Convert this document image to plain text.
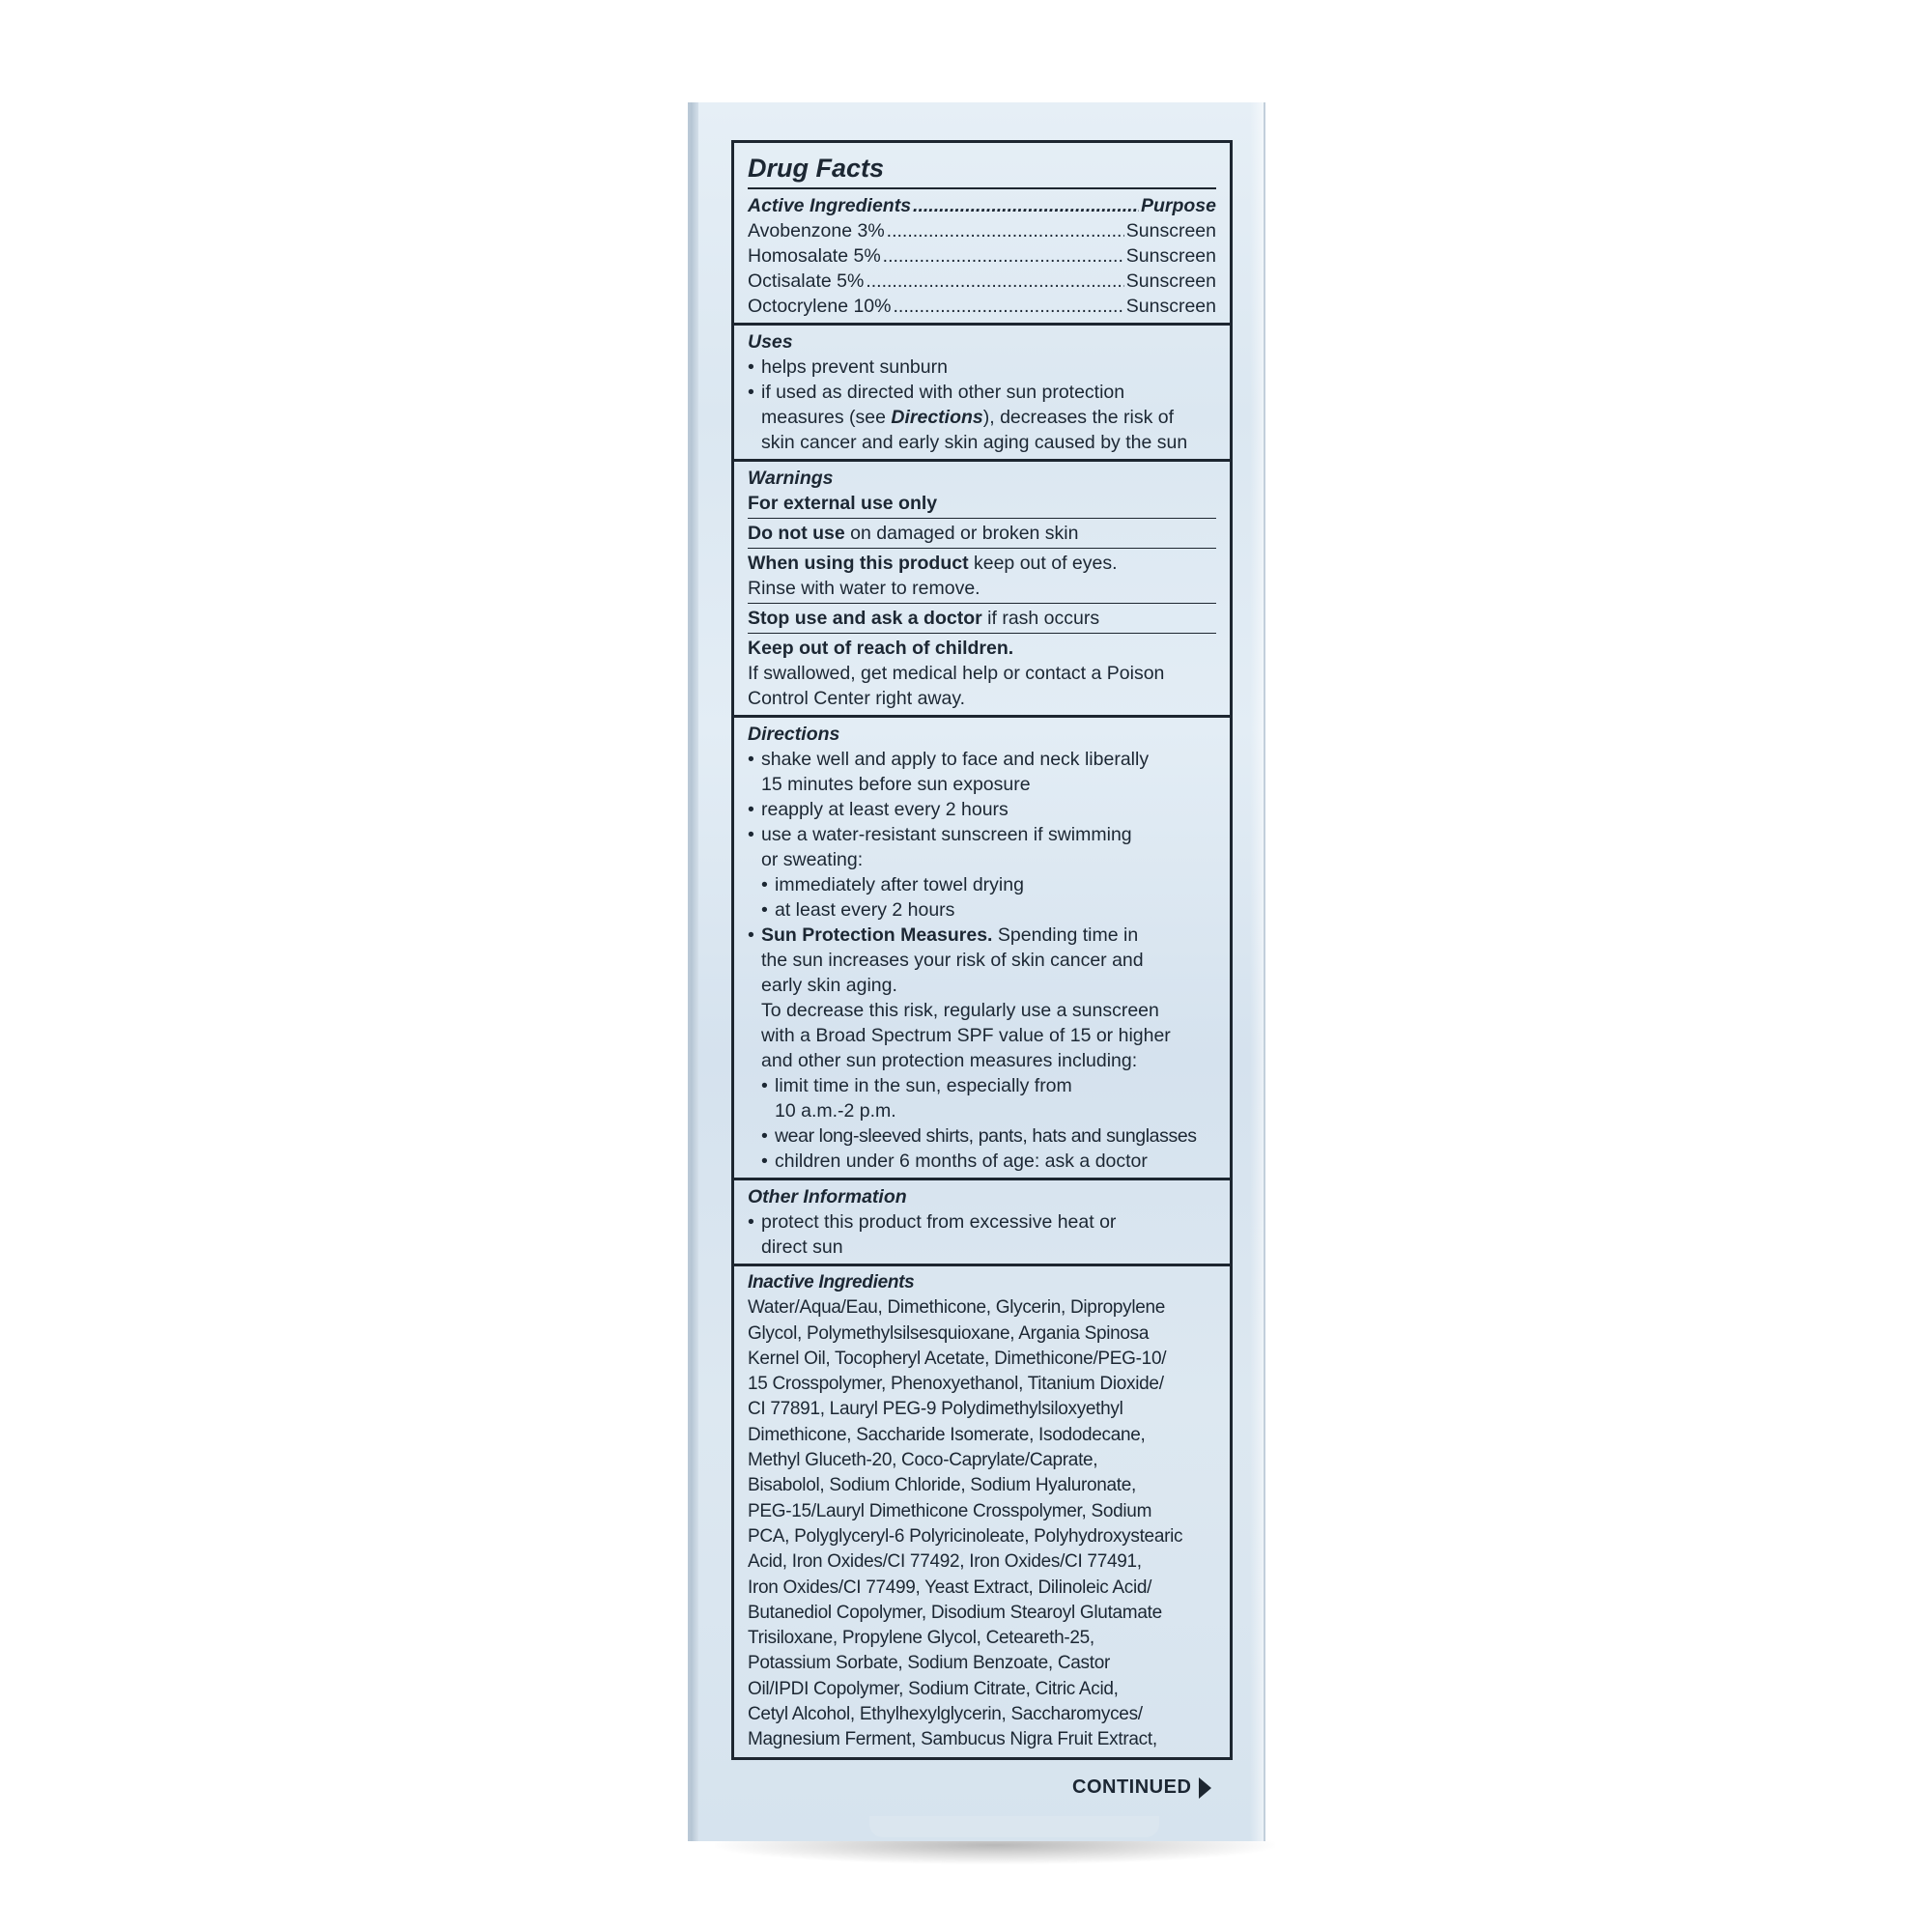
Drug Facts
Active Ingredients .....	Purpose
Avobenzone 3% .....	Sunscreen
Homosalate 5% .....	Sunscreen
Octisalate 5% .....	Sunscreen
Octocrylene 10% .....	Sunscreen
Uses
• helps prevent sunburn
• if used as directed with other sun protection
measures (see Directions), decreases the risk of
skin cancer and early skin aging caused by the sun
Warnings
For external use only
Do not use on damaged or broken skin
When using this product keep out of eyes.
Rinse with water to remove.
Stop use and ask a doctor if rash occurs
Keep out of reach of children.
If swallowed, get medical help or contact a Poison
Control Center right away.
Directions
• shake well and apply to face and neck liberally
15 minutes before sun exposure
• reapply at least every 2 hours
• use a water-resistant sunscreen if swimming
or sweating:
• immediately after towel drying
• at least every 2 hours
• Sun Protection Measures. Spending time in
the sun increases your risk of skin cancer and
early skin aging.
To decrease this risk, regularly use a sunscreen
with a Broad Spectrum SPF value of 15 or higher
and other sun protection measures including:
• limit time in the sun, especially from
10 a.m.-2 p.m.
• wear long-sleeved shirts, pants, hats and sunglasses
• children under 6 months of age: ask a doctor
Other Information
• protect this product from excessive heat or
direct sun
Inactive Ingredients
Water/Aqua/Eau, Dimethicone, Glycerin, Dipropylene
Glycol, Polymethylsilsesquioxane, Argania Spinosa
Kernel Oil, Tocopheryl Acetate, Dimethicone/PEG-10/
15 Crosspolymer, Phenoxyethanol, Titanium Dioxide/
CI 77891, Lauryl PEG-9 Polydimethylsiloxyethyl
Dimethicone, Saccharide Isomerate, Isododecane,
Methyl Gluceth-20, Coco-Caprylate/Caprate,
Bisabolol, Sodium Chloride, Sodium Hyaluronate,
PEG-15/Lauryl Dimethicone Crosspolymer, Sodium
PCA, Polyglyceryl-6 Polyricinoleate, Polyhydroxystearic
Acid, Iron Oxides/CI 77492, Iron Oxides/CI 77491,
Iron Oxides/CI 77499, Yeast Extract, Dilinoleic Acid/
Butanediol Copolymer, Disodium Stearoyl Glutamate
Trisiloxane, Propylene Glycol, Ceteareth-25,
Potassium Sorbate, Sodium Benzoate, Castor
Oil/IPDI Copolymer, Sodium Citrate, Citric Acid,
Cetyl Alcohol, Ethylhexylglycerin, Saccharomyces/
Magnesium Ferment, Sambucus Nigra Fruit Extract,
CONTINUED
